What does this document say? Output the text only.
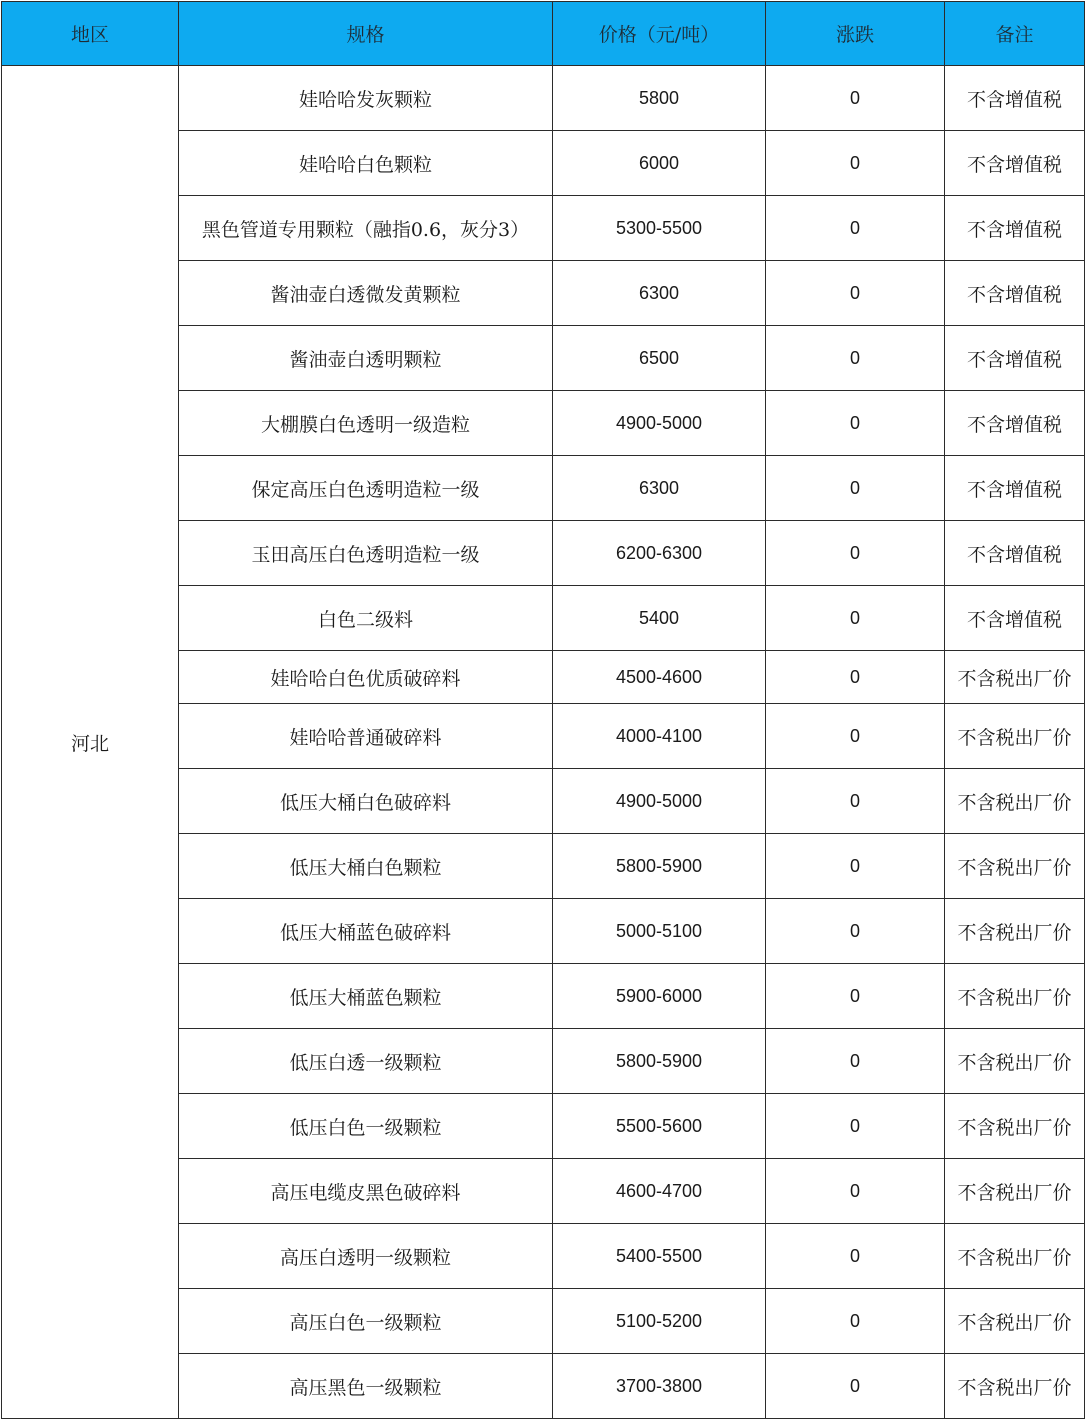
地区	规格	价格（元/吨）	涨跌	备注
河北	娃哈哈发灰颗粒	5800	0	不含增值税
	娃哈哈白色颗粒	6000	0	不含增值税
	黑色管道专用颗粒（融指0.6，灰分3）	5300-5500	0	不含增值税
	酱油壶白透微发黄颗粒	6300	0	不含增值税
	酱油壶白透明颗粒	6500	0	不含增值税
	大棚膜白色透明一级造粒	4900-5000	0	不含增值税
	保定高压白色透明造粒一级	6300	0	不含增值税
	玉田高压白色透明造粒一级	6200-6300	0	不含增值税
	白色二级料	5400	0	不含增值税
	娃哈哈白色优质破碎料	4500-4600	0	不含税出厂价
	娃哈哈普通破碎料	4000-4100	0	不含税出厂价
	低压大桶白色破碎料	4900-5000	0	不含税出厂价
	低压大桶白色颗粒	5800-5900	0	不含税出厂价
	低压大桶蓝色破碎料	5000-5100	0	不含税出厂价
	低压大桶蓝色颗粒	5900-6000	0	不含税出厂价
	低压白透一级颗粒	5800-5900	0	不含税出厂价
	低压白色一级颗粒	5500-5600	0	不含税出厂价
	高压电缆皮黑色破碎料	4600-4700	0	不含税出厂价
	高压白透明一级颗粒	5400-5500	0	不含税出厂价
	高压白色一级颗粒	5100-5200	0	不含税出厂价
	高压黑色一级颗粒	3700-3800	0	不含税出厂价
